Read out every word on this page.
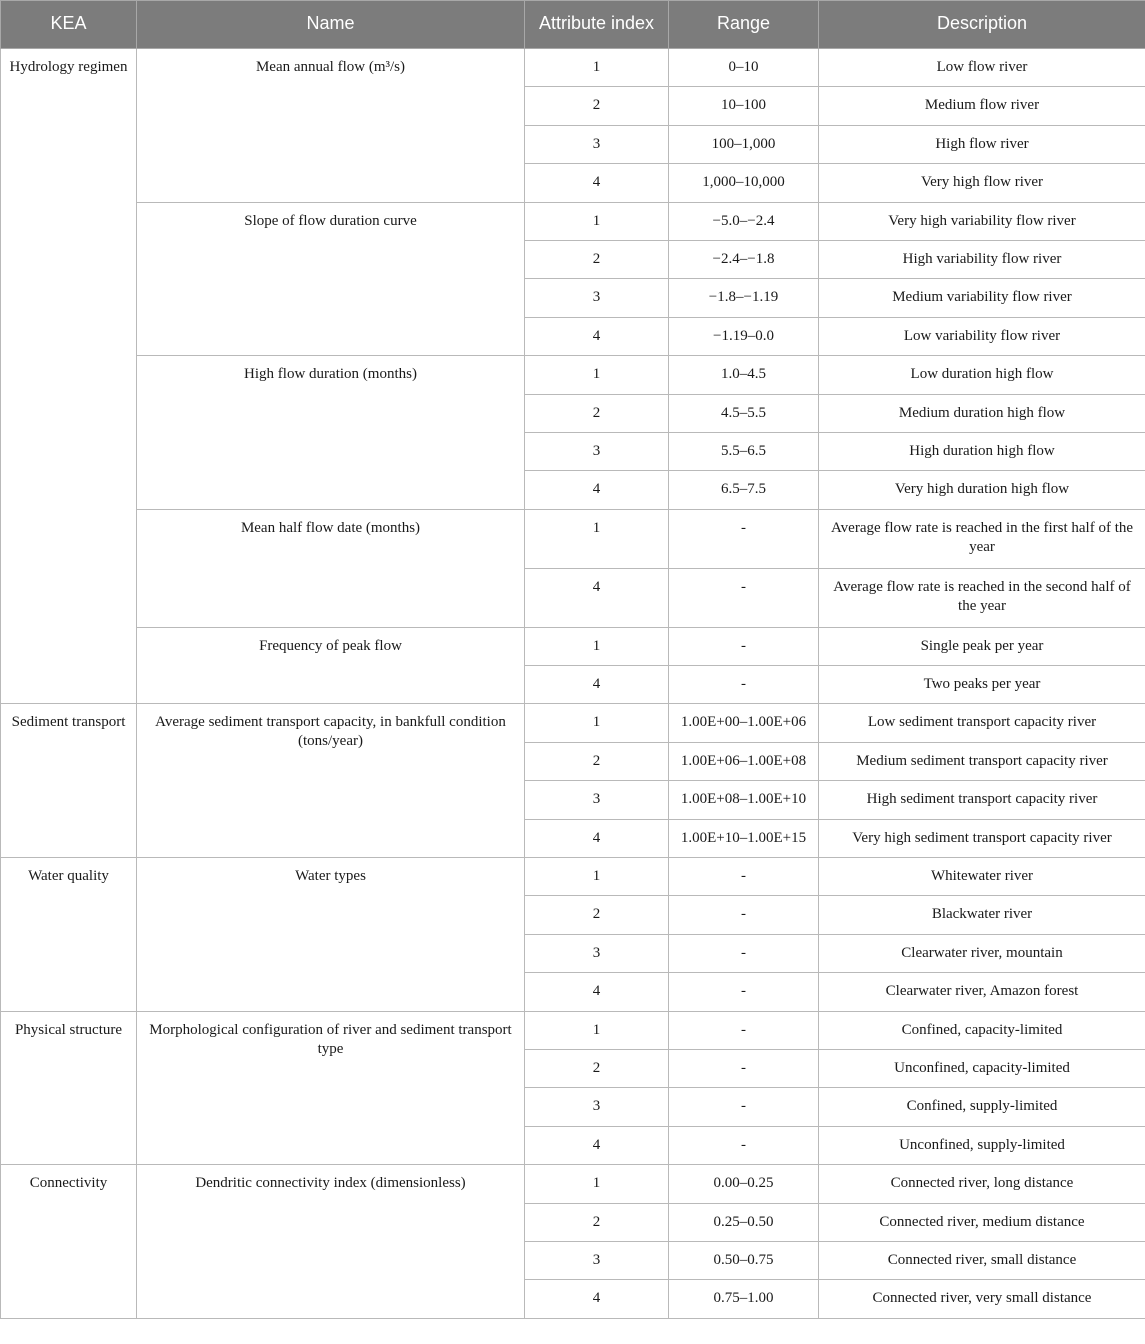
KEA	Name	Attribute index	Range	Description
Hydrology regimen	Mean annual flow (m³/s)	1	0–10	Low flow river
		2	10–100	Medium flow river
		3	100–1,000	High flow river
		4	1,000–10,000	Very high flow river
	Slope of flow duration curve	1	−5.0–−2.4	Very high variability flow river
		2	−2.4–−1.8	High variability flow river
		3	−1.8–−1.19	Medium variability flow river
		4	−1.19–0.0	Low variability flow river
	High flow duration (months)	1	1.0–4.5	Low duration high flow
		2	4.5–5.5	Medium duration high flow
		3	5.5–6.5	High duration high flow
		4	6.5–7.5	Very high duration high flow
	Mean half flow date (months)	1	-	Average flow rate is reached in the first half of the year
		4	-	Average flow rate is reached in the second half of the year
	Frequency of peak flow	1	-	Single peak per year
		4	-	Two peaks per year
Sediment transport	Average sediment transport capacity, in bankfull condition (tons/year)	1	1.00E+00–1.00E+06	Low sediment transport capacity river
		2	1.00E+06–1.00E+08	Medium sediment transport capacity river
		3	1.00E+08–1.00E+10	High sediment transport capacity river
		4	1.00E+10–1.00E+15	Very high sediment transport capacity river
Water quality	Water types	1	-	Whitewater river
		2	-	Blackwater river
		3	-	Clearwater river, mountain
		4	-	Clearwater river, Amazon forest
Physical structure	Morphological configuration of river and sediment transport type	1	-	Confined, capacity-limited
		2	-	Unconfined, capacity-limited
		3	-	Confined, supply-limited
		4	-	Unconfined, supply-limited
Connectivity	Dendritic connectivity index (dimensionless)	1	0.00–0.25	Connected river, long distance
		2	0.25–0.50	Connected river, medium distance
		3	0.50–0.75	Connected river, small distance
		4	0.75–1.00	Connected river, very small distance
